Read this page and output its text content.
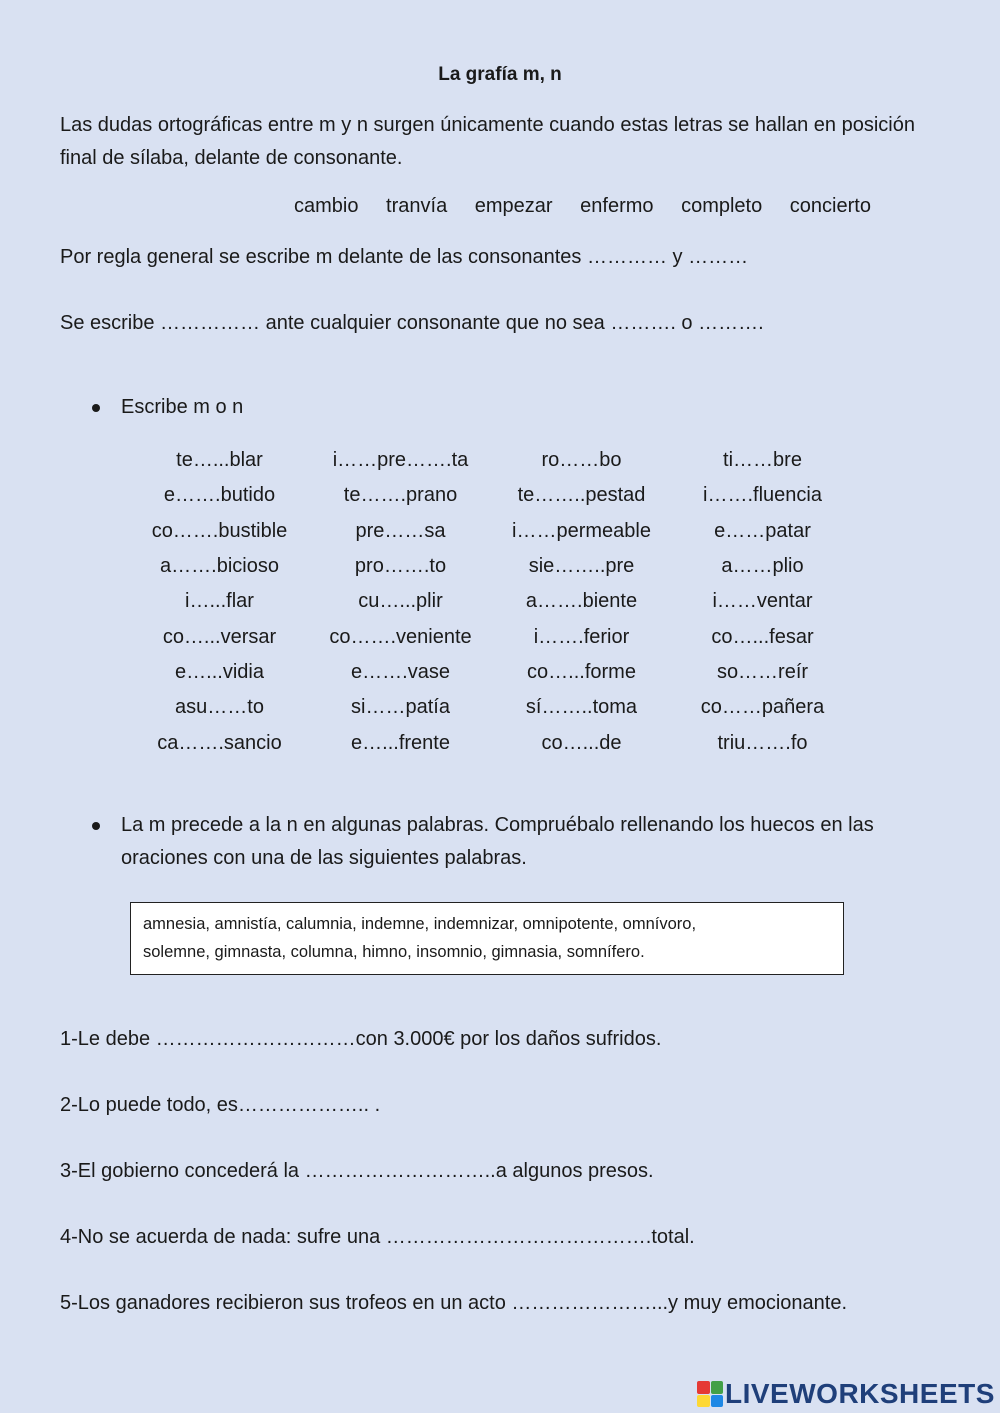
La grafía m, n
Las dudas ortográficas entre m y n surgen únicamente cuando estas letras se hallan en posición final de sílaba, delante de consonante.
cambio tranvía empezar enfermo completo concierto
Por regla general se escribe m delante de las consonantes ………… y ………
Se escribe …………… ante cualquier consonante que no sea ………. o ……….
Escribe m o n
te…...blar	i……pre…….ta	ro……bo	ti……bre
e…….butido	te…….prano	te……..pestad	i…….fluencia
co…….bustible	pre……sa	i……permeable	e……patar
a…….bicioso	pro…….to	sie……..pre	a……plio
i…...flar	cu…...plir	a…….biente	i……ventar
co…...versar	co…….veniente	i…….ferior	co…...fesar
e…...vidia	e…….vase	co…...forme	so……reír
asu……to	si……patía	sí……..toma	co……pañera
ca…….sancio	e…...frente	co…...de	triu…….fo
La m precede a la n en algunas palabras. Compruébalo rellenando los huecos en las oraciones con una de las siguientes palabras.
amnesia, amnistía, calumnia, indemne, indemnizar, omnipotente, omnívoro,
solemne, gimnasta, columna, himno, insomnio, gimnasia, somnífero.
1-Le debe …………………………con 3.000€ por los daños sufridos.
2-Lo puede todo, es……………….. .
3-El gobierno concederá la ………………………..a algunos presos.
4-No se acuerda de nada: sufre una ………………………………….total.
5-Los ganadores recibieron sus trofeos en un acto …………………...y muy emocionante.
LIVEWORKSHEETS
